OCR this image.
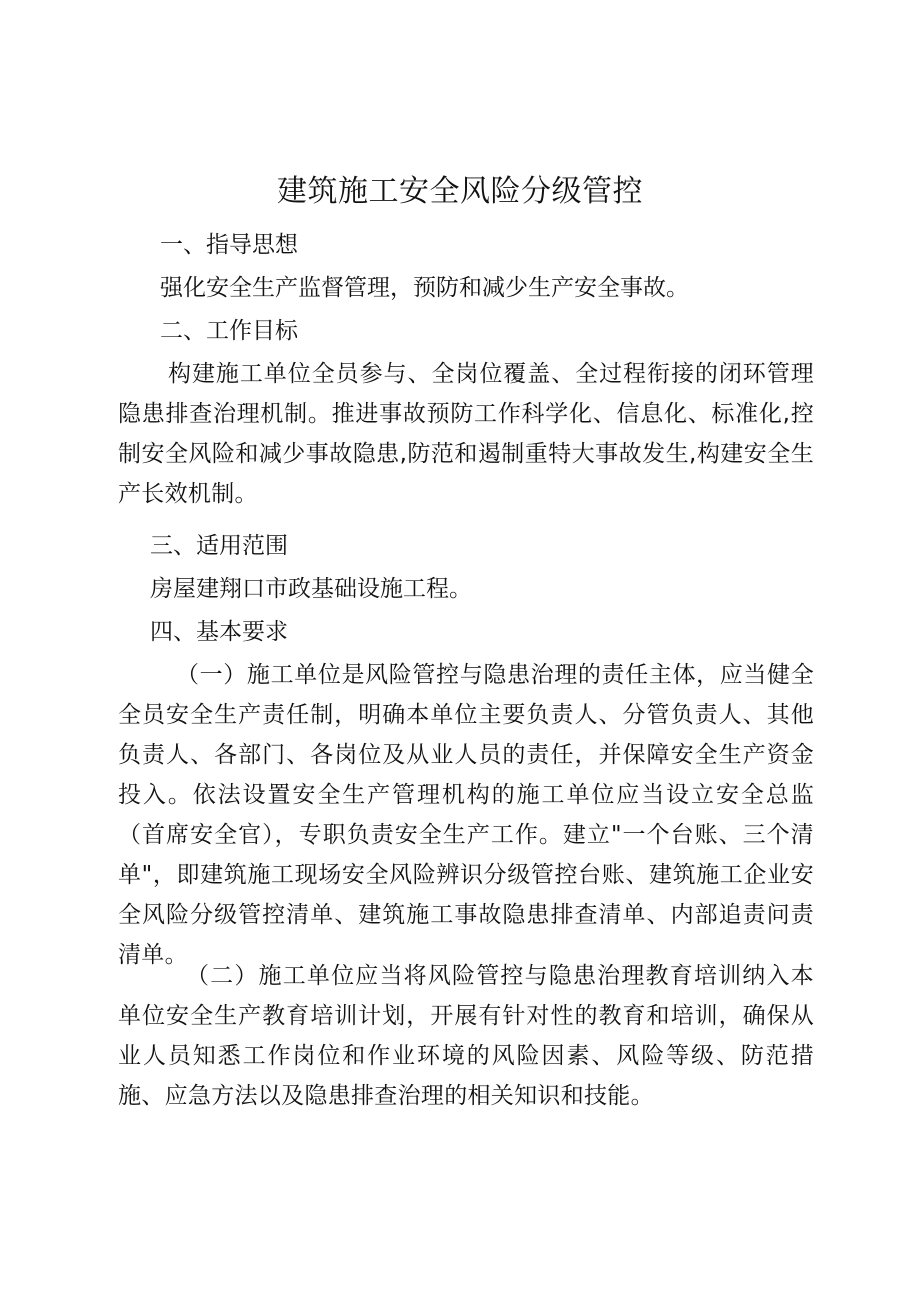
建筑施工安全风险分级管控

一、指导思想

强化安全生产监督管理，预防和减少生产安全事故。

二、工作目标

构建施工单位全员参与、全岗位覆盖、全过程衔接的闭环管理隐患排查治理机制。推进事故预防工作科学化、信息化、标准化,控制安全风险和减少事故隐患,防范和遏制重特大事故发生,构建安全生产长效机制。

三、适用范围

房屋建翔口市政基础设施工程。

四、基本要求

（一）施工单位是风险管控与隐患治理的责任主体，应当健全全员安全生产责任制，明确本单位主要负责人、分管负责人、其他负责人、各部门、各岗位及从业人员的责任，并保障安全生产资金投入。依法设置安全生产管理机构的施工单位应当设立安全总监（首席安全官），专职负责安全生产工作。建立"一个台账、三个清单"，即建筑施工现场安全风险辨识分级管控台账、建筑施工企业安全风险分级管控清单、建筑施工事故隐患排查清单、内部追责问责清单。

（二）施工单位应当将风险管控与隐患治理教育培训纳入本单位安全生产教育培训计划，开展有针对性的教育和培训，确保从业人员知悉工作岗位和作业环境的风险因素、风险等级、防范措施、应急方法以及隐患排查治理的相关知识和技能。
